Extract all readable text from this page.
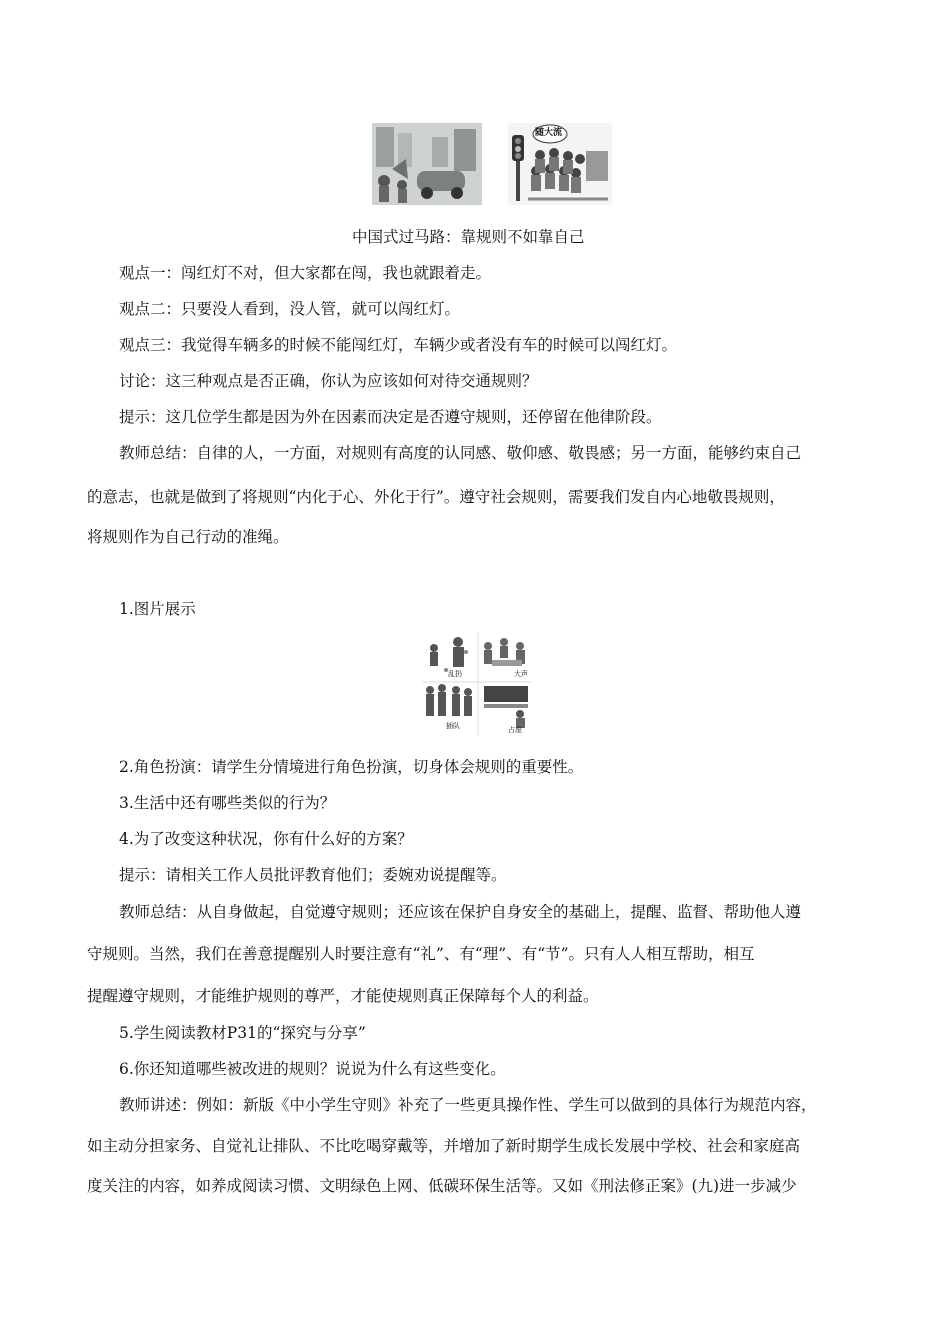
随大流
中国式过马路：靠规则不如靠自己
观点一：闯红灯不对，但大家都在闯，我也就跟着走。
观点二：只要没人看到，没人管，就可以闯红灯。
观点三：我觉得车辆多的时候不能闯红灯，车辆少或者没有车的时候可以闯红灯。
讨论：这三种观点是否正确，你认为应该如何对待交通规则？
提示：这几位学生都是因为外在因素而决定是否遵守规则，还停留在他律阶段。
教师总结：自律的人，一方面，对规则有高度的认同感、敬仰感、敬畏感；另一方面，能够约束自己
的意志，也就是做到了将规则“内化于心、外化于行”。遵守社会规则，需要我们发自内心地敬畏规则，
将规则作为自己行动的准绳。
1.图片展示
乱扔	大声
插队	占座
2.角色扮演：请学生分情境进行角色扮演，切身体会规则的重要性。
3.生活中还有哪些类似的行为？
4.为了改变这种状况，你有什么好的方案？
提示：请相关工作人员批评教育他们；委婉劝说提醒等。
教师总结：从自身做起，自觉遵守规则；还应该在保护自身安全的基础上，提醒、监督、帮助他人遵
守规则。当然，我们在善意提醒别人时要注意有“礼”、有“理”、有“节”。只有人人相互帮助，相互
提醒遵守规则，才能维护规则的尊严，才能使规则真正保障每个人的利益。
5.学生阅读教材P31的“探究与分享”
6.你还知道哪些被改进的规则？说说为什么有这些变化。
教师讲述：例如：新版《中小学生守则》补充了一些更具操作性、学生可以做到的具体行为规范内容，
如主动分担家务、自觉礼让排队、不比吃喝穿戴等，并增加了新时期学生成长发展中学校、社会和家庭高
度关注的内容，如养成阅读习惯、文明绿色上网、低碳环保生活等。又如《刑法修正案》(九)进一步减少
